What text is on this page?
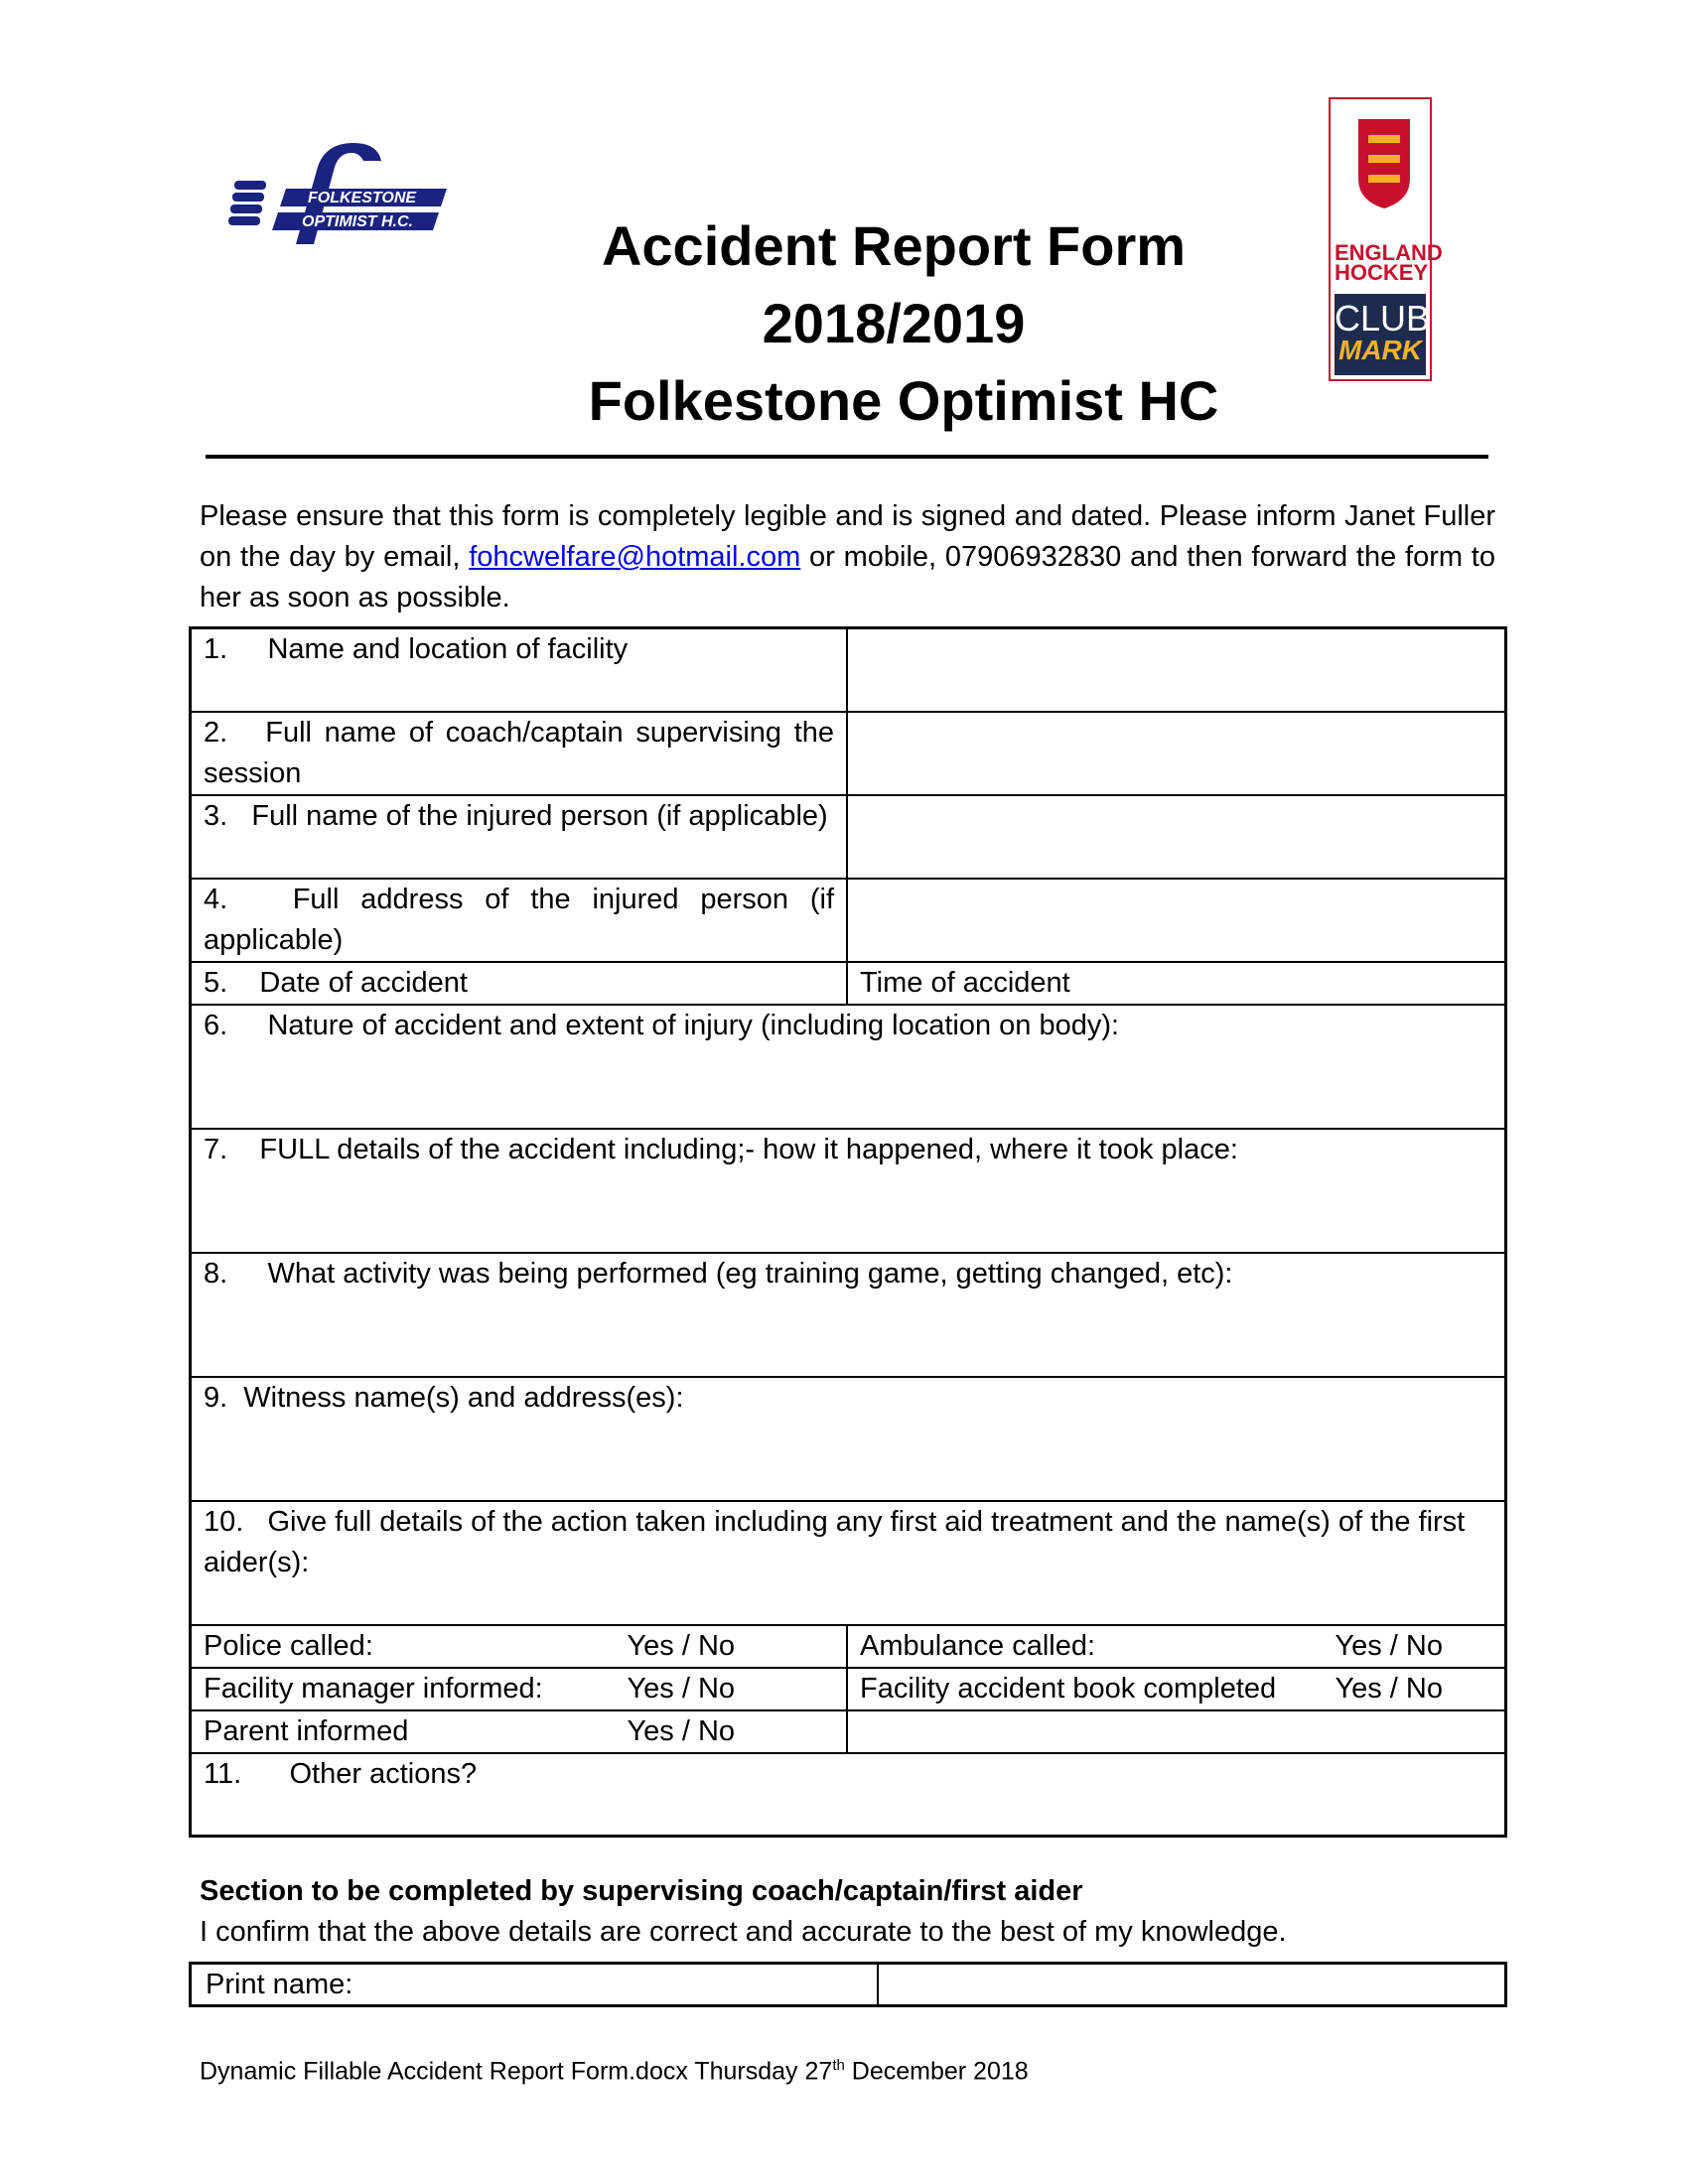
FOLKESTONE
OPTIMIST H.C.
ENGLAND
HOCKEY
CLUB
MARK
Accident Report Form
2018/2019
Folkestone Optimist HC
Please ensure that this form is completely legible and is signed and dated. Please inform Janet Fuller on the day by email, fohcwelfare@hotmail.com or mobile, 07906932830 and then forward the form to her as soon as possible.
1.     Name and location of facility	
2.   Full name of coach/captain supervising the session	
3.   Full name of the injured person (if applicable)	
4.   Full address of the injured person (if applicable)	
5.    Date of accident	Time of accident
6.     Nature of accident and extent of injury (including location on body):	
7.    FULL details of the accident including;- how it happened, where it took place:	
8.     What activity was being performed (eg training game, getting changed, etc):	
9.  Witness name(s) and address(es):	
10.   Give full details of the action taken including any first aid treatment and the name(s) of the first aider(s):	

Police called: Yes / No	Ambulance called: Yes / No

Facility manager informed: Yes / No	Facility accident book completed Yes / No

Parent informed Yes / No	

11.      Other actions?	
Section to be completed by supervising coach/captain/first aider
I confirm that the above details are correct and accurate to the best of my knowledge.
Print name:	
Dynamic Fillable Accident Report Form.docx Thursday 27th December 2018
